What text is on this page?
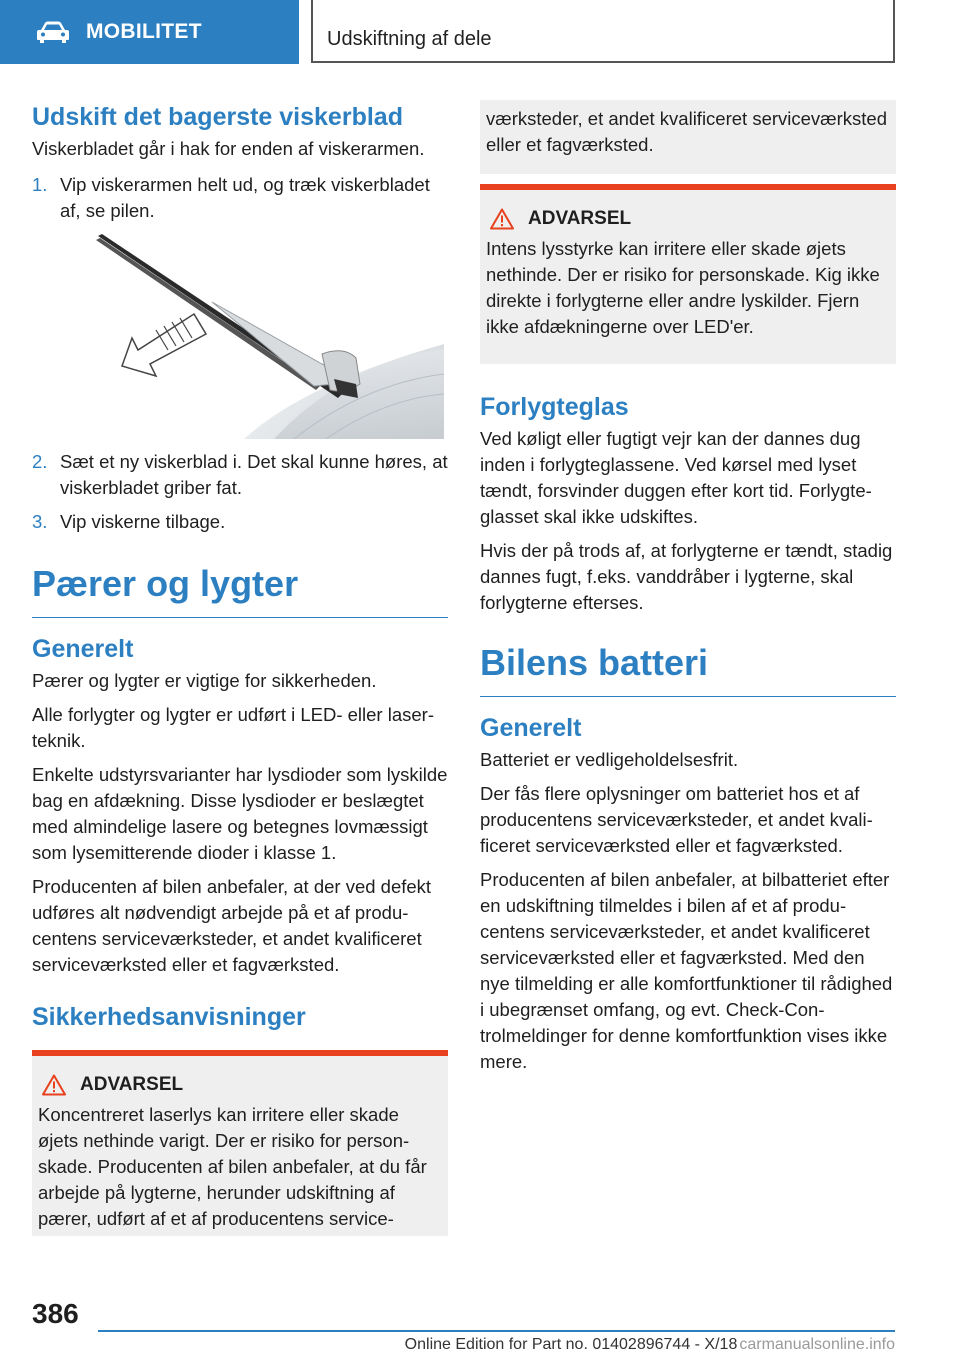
MOBILITET	Udskiftning af dele
Udskift det bagerste viskerblad

Viskerbladet går i hak for enden af viskerarmen.

1. Vip viskerarmen helt ud, og træk viskerbladet af, se pilen.
2. Sæt et ny viskerblad i. Det skal kunne høres, at viskerbladet griber fat.
3. Vip viskerne tilbage.
Pærer og lygter
Generelt

Pærer og lygter er vigtige for sikkerheden.

Alle forlygter og lygter er udført i LED- eller laserteknik.

Enkelte udstyrsvarianter har lysdioder som lyskilde bag en afdækning. Disse lysdioder er beslægtet med almindelige lasere og betegnes lovmæssigt som lysemitterende dioder i klasse 1.

Producenten af bilen anbefaler, at der ved defekt udføres alt nødvendigt arbejde på et af producentens serviceværksteder, et andet kvalificeret serviceværksted eller et fagværksted.

Sikkerhedsanvisninger
ADVARSEL

Koncentreret laserlys kan irritere eller skade øjets nethinde varigt. Der er risiko for personskade. Producenten af bilen anbefaler, at du får arbejde på lygterne, herunder udskiftning af pærer, udført af et af producentens service-

værksteder, et andet kvalificeret serviceværksted eller et fagværksted.

ADVARSEL

Intens lysstyrke kan irritere eller skade øjets nethinde. Der er risiko for personskade. Kig ikke direkte i forlygterne eller andre lyskilder. Fjern ikke afdækningerne over LED'er.

Forlygteglas

Ved køligt eller fugtigt vejr kan der dannes dug inden i forlygteglassene. Ved kørsel med lyset tændt, forsvinder duggen efter kort tid. Forlygteglasset skal ikke udskiftes.

Hvis der på trods af, at forlygterne er tændt, stadig dannes fugt, f.eks. vanddråber i lygterne, skal forlygterne efterses.

Bilens batteri
Generelt

Batteriet er vedligeholdelsesfrit.

Der fås flere oplysninger om batteriet hos et af producentens serviceværksteder, et andet kvalificeret serviceværksted eller et fagværksted.

Producenten af bilen anbefaler, at bilbatteriet efter en udskiftning tilmeldes i bilen af et af producentens serviceværksteder, et andet kvalificeret serviceværksted eller et fagværksted. Med den nye tilmelding er alle komfortfunktioner til rådighed i ubegrænset omfang, og evt. Check-Controlmeldinger for denne komfortfunktion vises ikke mere.

386
Online Edition for Part no. 01402896744 - X/18 carmanualsonline.info
